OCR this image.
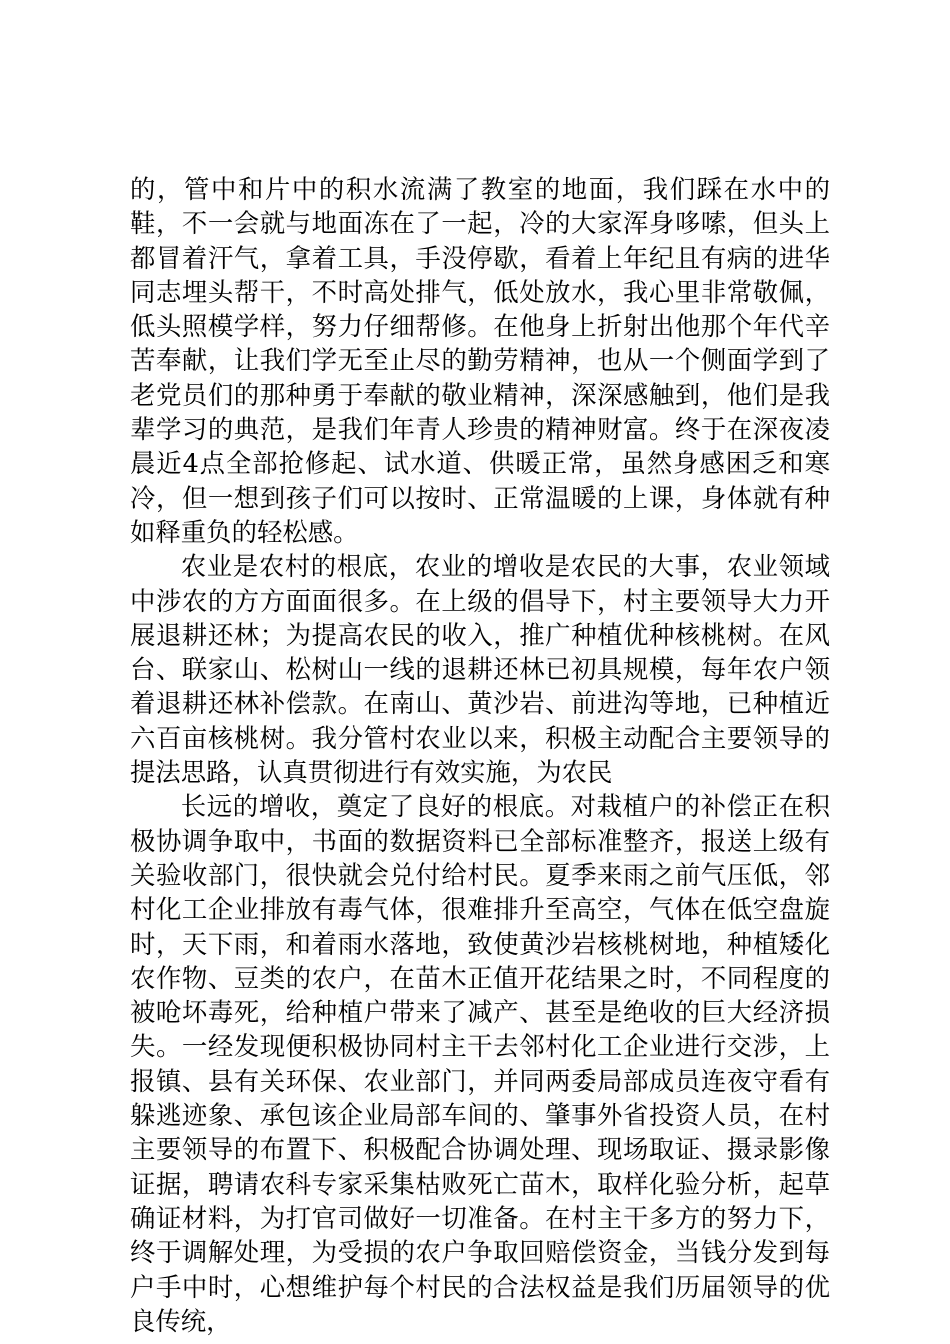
的，管中和片中的积水流满了教室的地面，我们踩在水中的鞋，不一会就与地面冻在了一起，冷的大家浑身哆嗦，但头上都冒着汗气，拿着工具，手没停歇，看着上年纪且有病的进华同志埋头帮干，不时高处排气，低处放水，我心里非常敬佩，低头照模学样，努力仔细帮修。在他身上折射出他那个年代辛苦奉献，让我们学无至止尽的勤劳精神，也从一个侧面学到了老党员们的那种勇于奉献的敬业精神，深深感触到，他们是我辈学习的典范，是我们年青人珍贵的精神财富。终于在深夜凌晨近4点全部抢修起、试水道、供暖正常，虽然身感困乏和寒冷，但一想到孩子们可以按时、正常温暖的上课，身体就有种如释重负的轻松感。

农业是农村的根底，农业的增收是农民的大事，农业领域中涉农的方方面面很多。在上级的倡导下，村主要领导大力开展退耕还林；为提高农民的收入，推广种植优种核桃树。在风台、联家山、松树山一线的退耕还林已初具规模，每年农户领着退耕还林补偿款。在南山、黄沙岩、前进沟等地，已种植近六百亩核桃树。我分管村农业以来，积极主动配合主要领导的提法思路，认真贯彻进行有效实施，为农民

长远的增收，奠定了良好的根底。对栽植户的补偿正在积极协调争取中，书面的数据资料已全部标准整齐，报送上级有关验收部门，很快就会兑付给村民。夏季来雨之前气压低，邻村化工企业排放有毒气体，很难排升至高空，气体在低空盘旋时，天下雨，和着雨水落地，致使黄沙岩核桃树地，种植矮化农作物、豆类的农户，在苗木正值开花结果之时，不同程度的被呛坏毒死，给种植户带来了减产、甚至是绝收的巨大经济损失。一经发现便积极协同村主干去邻村化工企业进行交涉，上报镇、县有关环保、农业部门，并同两委局部成员连夜守看有躲逃迹象、承包该企业局部车间的、肇事外省投资人员，在村主要领导的布置下、积极配合协调处理、现场取证、摄录影像证据，聘请农科专家采集枯败死亡苗木，取样化验分析，起草确证材料，为打官司做好一切准备。在村主干多方的努力下，终于调解处理，为受损的农户争取回赔偿资金，当钱分发到每户手中时，心想维护每个村民的合法权益是我们历届领导的优良传统，
